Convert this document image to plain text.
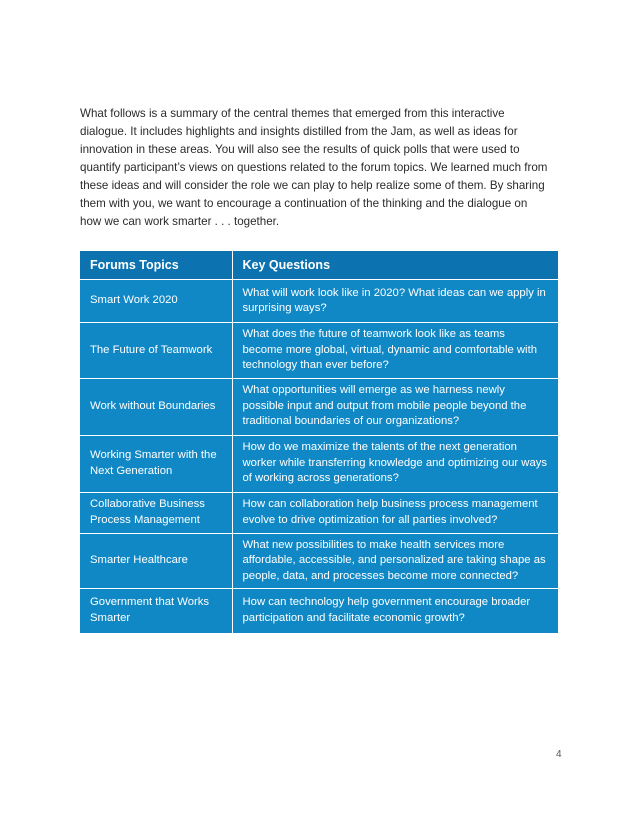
What follows is a summary of the central themes that emerged from this interactive dialogue. It includes highlights and insights distilled from the Jam, as well as ideas for innovation in these areas. You will also see the results of quick polls that were used to quantify participant’s views on questions related to the forum topics. We learned much from these ideas and will consider the role we can play to help realize some of them. By sharing them with you, we want to encourage a continuation of the thinking and the dialogue on how we can work smarter . . . together.

Forums Topics	Key Questions
Smart Work 2020	What will work look like in 2020? What ideas can we apply in surprising ways?
The Future of Teamwork	What does the future of teamwork look like as teams become more global, virtual, dynamic and comfortable with technology than ever before?
Work without Boundaries	What opportunities will emerge as we harness newly possible input and output from mobile people beyond the traditional boundaries of our organizations?
Working Smarter with the Next Generation	How do we maximize the talents of the next generation worker while transferring knowledge and optimizing our ways of working across generations?
Collaborative Business Process Management	How can collaboration help business process management evolve to drive optimization for all parties involved?
Smarter Healthcare	What new possibilities to make health services more affordable, accessible, and personalized are taking shape as people, data, and processes become more connected?
Government that Works Smarter	How can technology help government encourage broader participation and facilitate economic growth?
4
